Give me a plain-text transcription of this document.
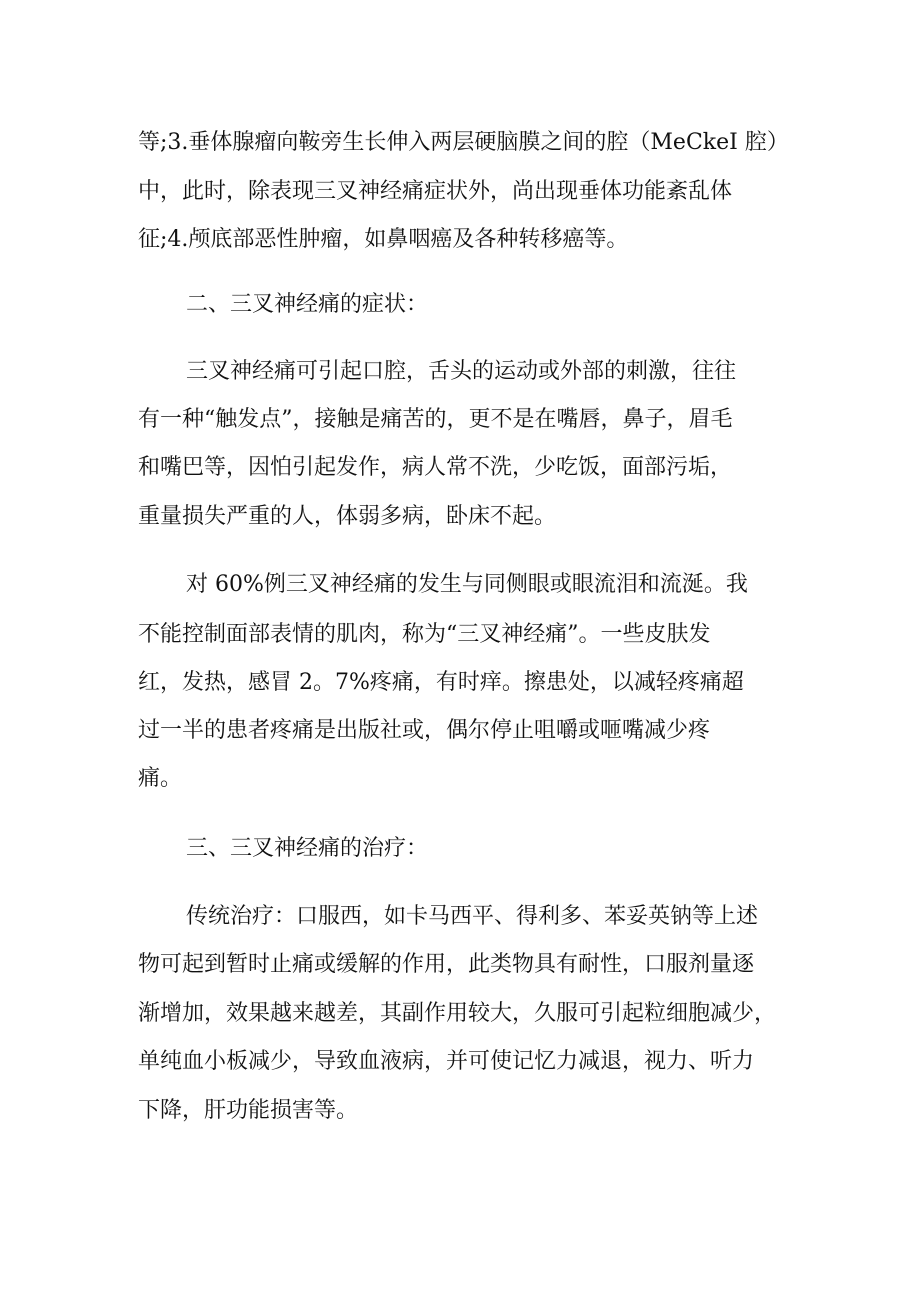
等;3.垂体腺瘤向鞍旁生长伸入两层硬脑膜之间的腔（MeCkeI 腔）
中，此时，除表现三叉神经痛症状外，尚出现垂体功能紊乱体
征;4.颅底部恶性肿瘤，如鼻咽癌及各种转移癌等。
二、三叉神经痛的症状：
三叉神经痛可引起口腔，舌头的运动或外部的刺激，往往
有一种“触发点”，接触是痛苦的，更不是在嘴唇，鼻子，眉毛
和嘴巴等，因怕引起发作，病人常不洗，少吃饭，面部污垢，
重量损失严重的人，体弱多病，卧床不起。
对 60%例三叉神经痛的发生与同侧眼或眼流泪和流涎。我
不能控制面部表情的肌肉，称为“三叉神经痛”。一些皮肤发
红，发热，感冒 2。7%疼痛，有时痒。擦患处，以减轻疼痛超
过一半的患者疼痛是出版社或，偶尔停止咀嚼或咂嘴减少疼
痛。
三、三叉神经痛的治疗：
传统治疗：口服西，如卡马西平、得利多、苯妥英钠等上述
物可起到暂时止痛或缓解的作用，此类物具有耐性，口服剂量逐
渐增加，效果越来越差，其副作用较大，久服可引起粒细胞减少，
单纯血小板减少，导致血液病，并可使记忆力减退，视力、听力
下降，肝功能损害等。
